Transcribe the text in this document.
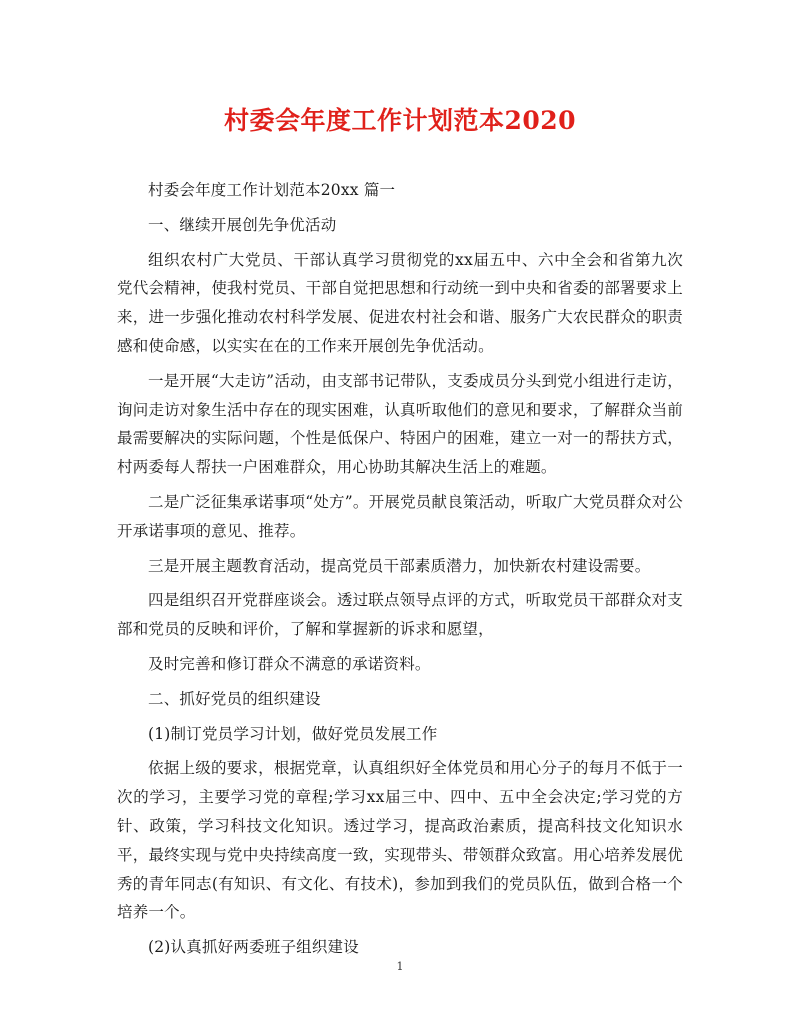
村委会年度工作计划范本2020

村委会年度工作计划范本20xx 篇一

一、继续开展创先争优活动

组织农村广大党员、干部认真学习贯彻党的xx届五中、六中全会和省第九次党代会精神，使我村党员、干部自觉把思想和行动统一到中央和省委的部署要求上来，进一步强化推动农村科学发展、促进农村社会和谐、服务广大农民群众的职责感和使命感，以实实在在的工作来开展创先争优活动。

一是开展“大走访”活动，由支部书记带队，支委成员分头到党小组进行走访，询问走访对象生活中存在的现实困难，认真听取他们的意见和要求，了解群众当前最需要解决的实际问题，个性是低保户、特困户的困难，建立一对一的帮扶方式，村两委每人帮扶一户困难群众，用心协助其解决生活上的难题。

二是广泛征集承诺事项“处方”。开展党员献良策活动，听取广大党员群众对公开承诺事项的意见、推荐。

三是开展主题教育活动，提高党员干部素质潜力，加快新农村建设需要。

四是组织召开党群座谈会。透过联点领导点评的方式，听取党员干部群众对支部和党员的反映和评价，了解和掌握新的诉求和愿望，

及时完善和修订群众不满意的承诺资料。

二、抓好党员的组织建设

(1)制订党员学习计划，做好党员发展工作

依据上级的要求，根据党章，认真组织好全体党员和用心分子的每月不低于一次的学习，主要学习党的章程;学习xx届三中、四中、五中全会决定;学习党的方针、政策，学习科技文化知识。透过学习，提高政治素质，提高科技文化知识水平，最终实现与党中央持续高度一致，实现带头、带领群众致富。用心培养发展优秀的青年同志(有知识、有文化、有技术)，参加到我们的党员队伍，做到合格一个培养一个。

(2)认真抓好两委班子组织建设

1
